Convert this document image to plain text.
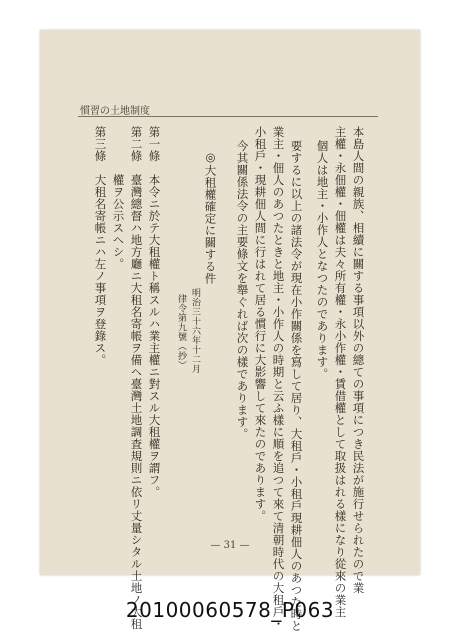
慣習の土地制度
本島人間の親族、相續に關する事項以外の總ての事項につき民法が施行せられたので業
主權・永佃權・佃權は夫々所有權・永小作權・賃借權として取扱はれる樣になり從來の業主
個人は地主・小作人となつたのであります。
要するに以上の諸法令が現在小作關係を寫して居り、大租戶・小租戶現耕佃人のあつた時と
業主・佃人のあつたときと地主・小作人の時期と云ふ樣に順を追つて來て清朝時代の大租戶・
小租戶・現耕佃人間に行はれて居る慣行に大影響して來たのであります。
今其關係法令の主要條文を舉ぐれば次の樣であります。
◎大租權確定に關する件
明治三十六年十二月
律令第九號（抄）
第一條　本令ニ於テ大租權ト稱スルハ業主權ニ對スル大租權ヲ謂フ。
第二條　臺灣總督ハ地方廳ニ大租名寄帳ヲ備ヘ臺灣土地調査規則ニ依リ丈量シタル土地ノ大租
　　　　權ヲ公示スヘシ。
第三條　大租名寄帳ニハ左ノ事項ヲ登錄ス。
— 31 —
20100060578_P063
